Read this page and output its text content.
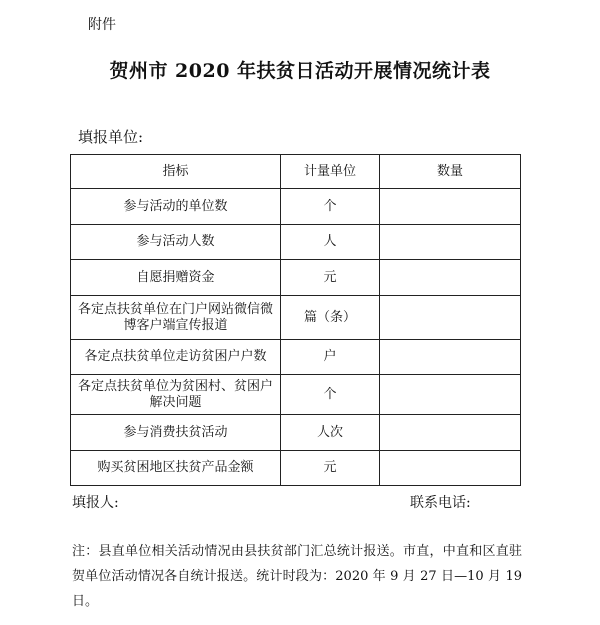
附件
贺州市 2020 年扶贫日活动开展情况统计表
填报单位:
指标	计量单位	数量
参与活动的单位数	个	
参与活动人数	人	
自愿捐赠资金	元	
各定点扶贫单位在门户网站微信微博客户端宣传报道	篇（条）	
各定点扶贫单位走访贫困户户数	户	
各定点扶贫单位为贫困村、贫困户解决问题	个	
参与消费扶贫活动	人次	
购买贫困地区扶贫产品金额	元	
填报人:	联系电话:
注：县直单位相关活动情况由县扶贫部门汇总统计报送。市直，中直和区直驻贺单位活动情况各自统计报送。统计时段为：2020 年 9 月 27 日—10 月 19 日。
